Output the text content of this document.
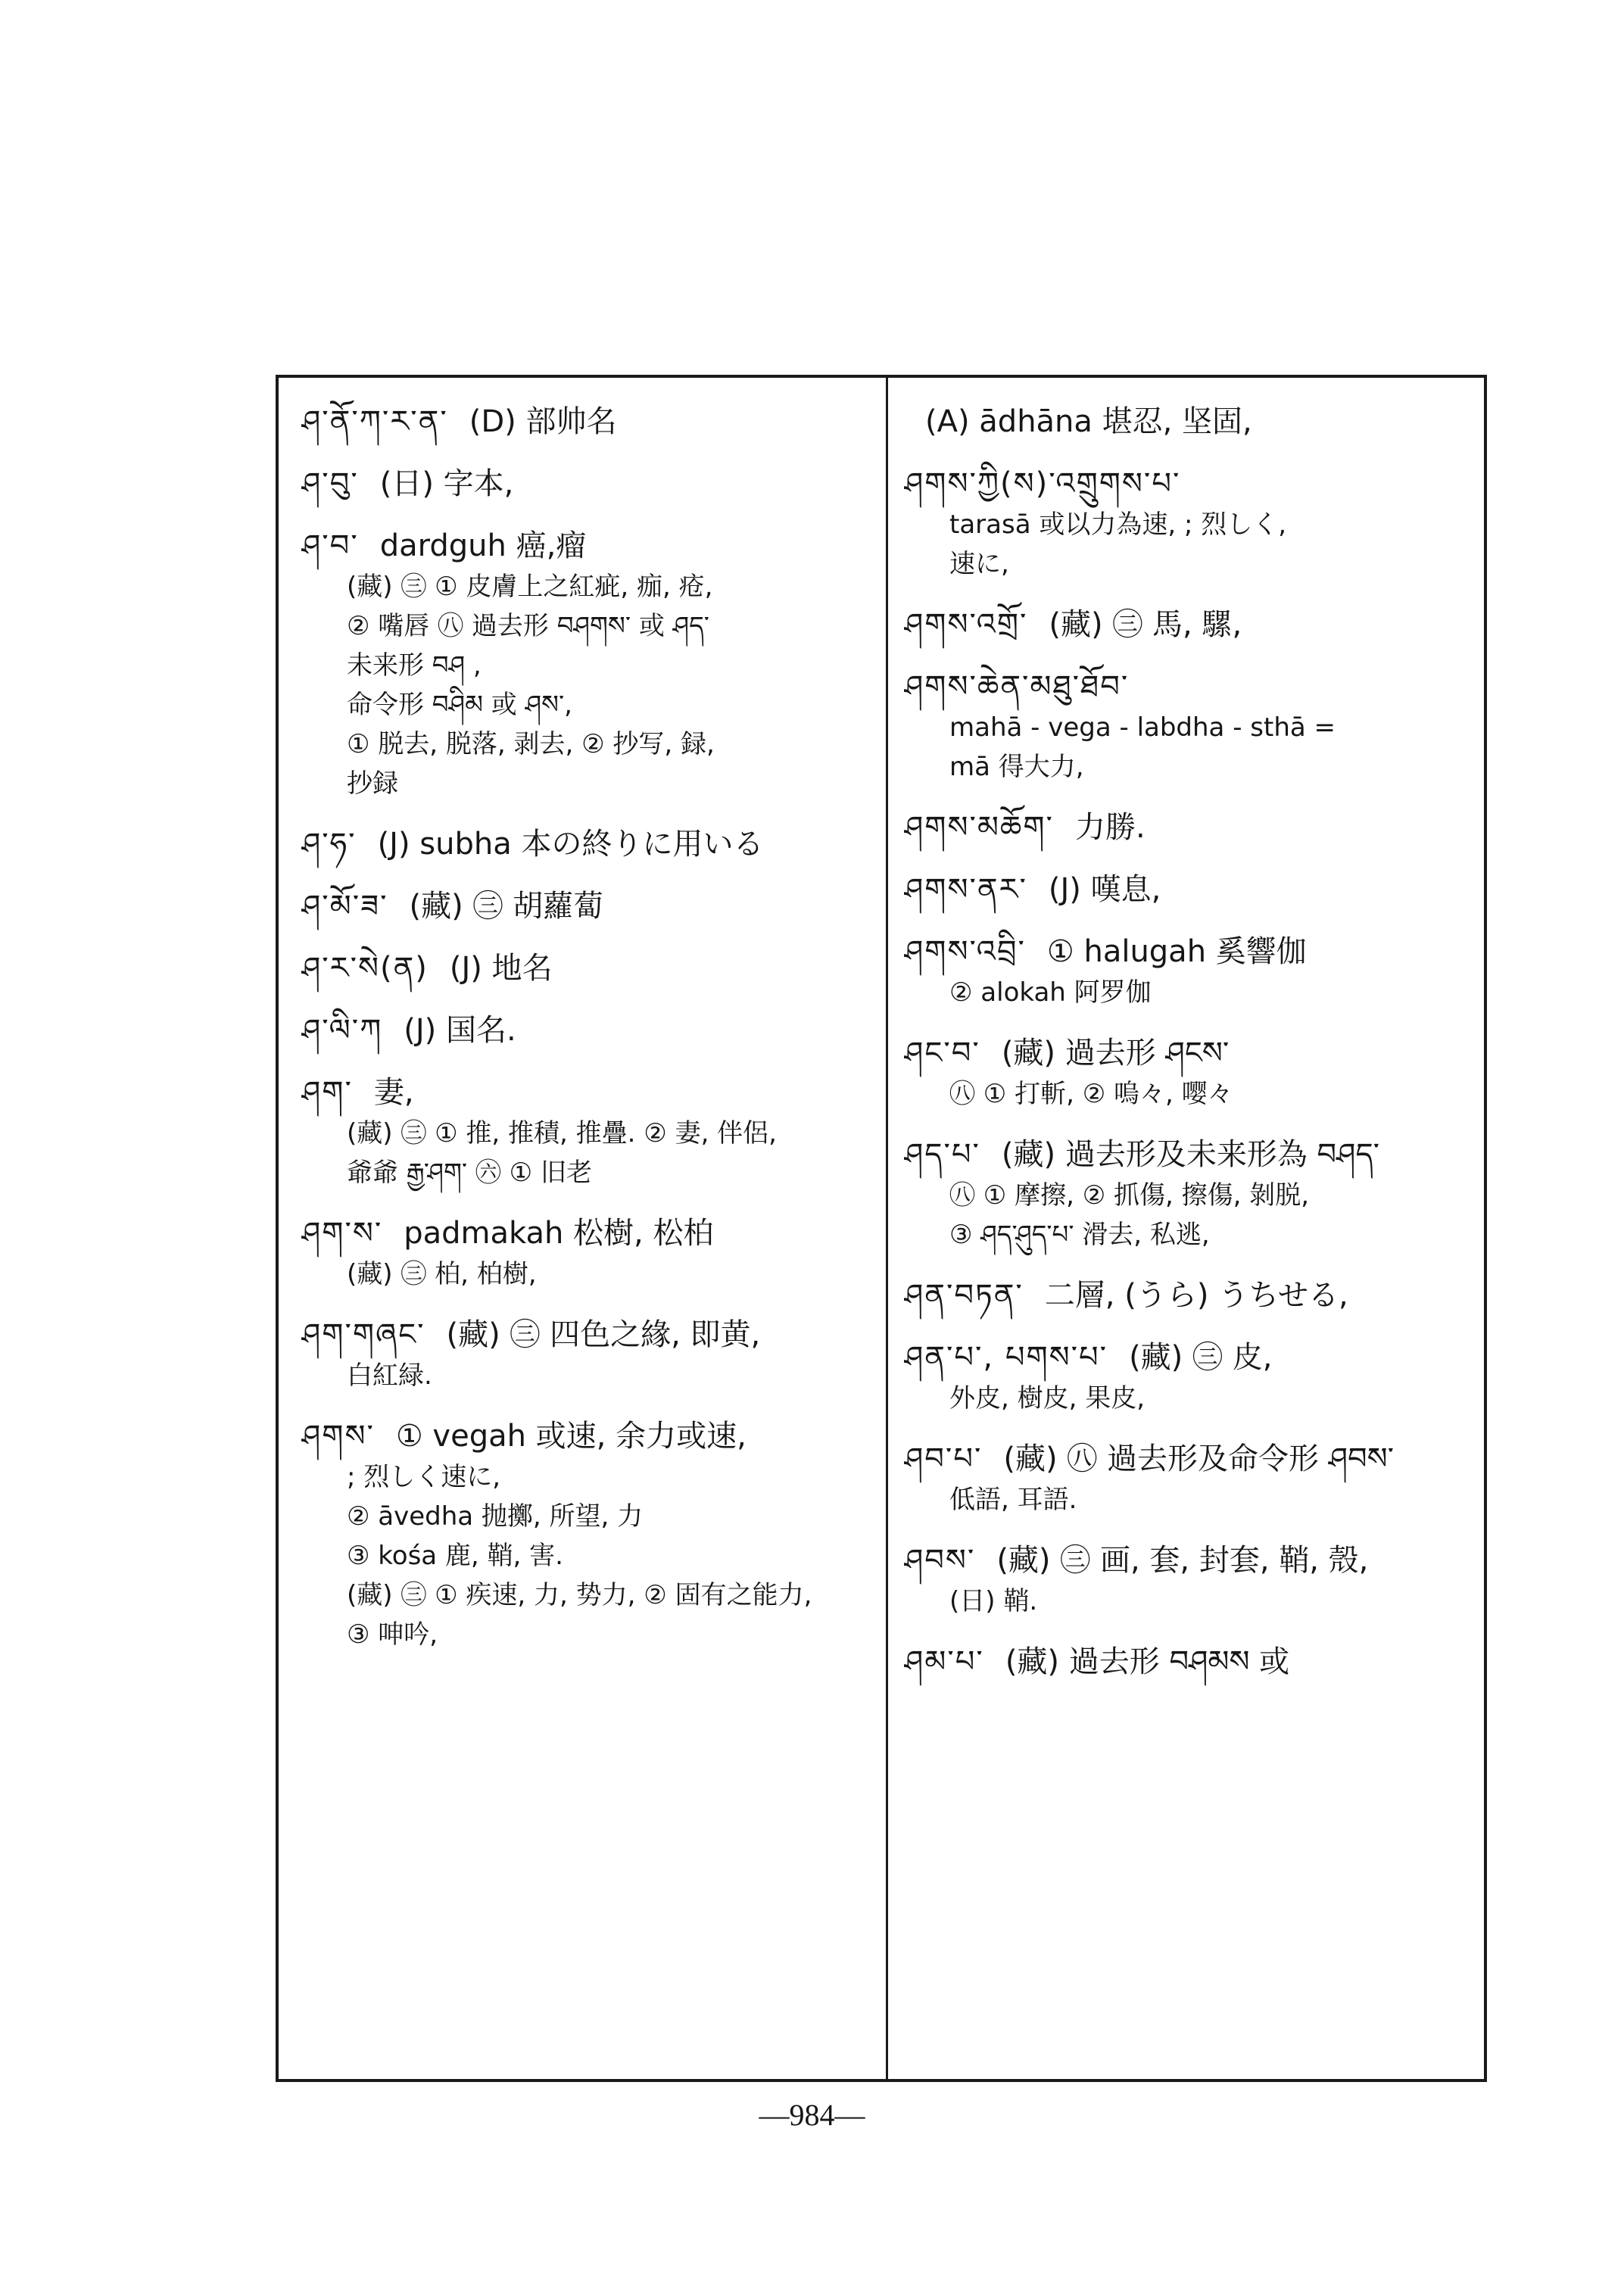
ཤ་ནོ་ཀ་ར་ན་ (D) 部帅名
ཤ་བུ་ (日) 字本,
ཤ་བ་ dardguh 癌,瘤
(藏) ㊂ ① 皮膚上之紅疵, 痂, 疮,
② 嘴唇 ㊇ 過去形 བཤགས་ 或 ཤད་
未来形 བཤ ,
命令形 བཤིམ 或 ཤས་,
① 脱去, 脱落, 剥去, ② 抄写, 録,
抄録
ཤ་ཧ་ (J) subha 本の終りに用いる
ཤ་མོ་ཟ་ (藏) ㊂ 胡蘿蔔
ཤ་ར་སེ(ན) (J) 地名
ཤ་ལི་ཀ (J) 国名.
ཤག་ 妻,
(藏) ㊂ ① 推, 推積, 推疊. ② 妻, 伴侶,
爺爺 རྒྱ་ཤག་ ㊅ ① 旧老
ཤག་ས་ padmakah 松樹, 松柏
(藏) ㊂ 柏, 柏樹,
ཤག་གཞང་ (藏) ㊂ 四色之緣, 即黄,
白紅緑.
ཤགས་ ① vegah 或速, 余力或速,
; 烈しく速に,
② āvedha 抛擲, 所望, 力
③ kośa 鹿, 鞘, 害.
(藏) ㊂ ① 疾速, 力, 势力, ② 固有之能力,
③ 呻吟,
(A) ādhāna 堪忍, 坚固,
ཤགས་ཀྱི(ས)་འགྲུགས་པ་
tarasā 或以力為速, ; 烈しく,
速に,
ཤགས་འགྲོ་ (藏) ㊂ 馬, 騾,
ཤགས་ཆེན་མཐུ་ཐོབ་
mahā - vega - labdha - sthā =
mā 得大力,
ཤགས་མཆོག་ 力勝.
ཤགས་ནར་ (J) 嘆息,
ཤགས་འབྲི་ ① halugah 奚響伽
② alokah 阿罗伽
ཤང་བ་ (藏) 過去形 ཤངས་
㊇ ① 打斬, ② 嗚々, 嘤々
ཤད་པ་ (藏) 過去形及未来形為 བཤད་
㊇ ① 摩擦, ② 抓傷, 擦傷, 剝脱,
③ ཤད་ཤུད་པ་ 滑去, 私逃,
ཤན་བཏན་ 二層, (うら) うちせる,
ཤན་པ་, པགས་པ་ (藏) ㊂ 皮,
外皮, 樹皮, 果皮,
ཤབ་པ་ (藏) ㊇ 過去形及命令形 ཤབས་
低語, 耳語.
ཤབས་ (藏) ㊂ 画, 套, 封套, 鞘, 殼,
(日) 鞘.
ཤམ་པ་ (藏) 過去形 བཤམས 或
—984—
